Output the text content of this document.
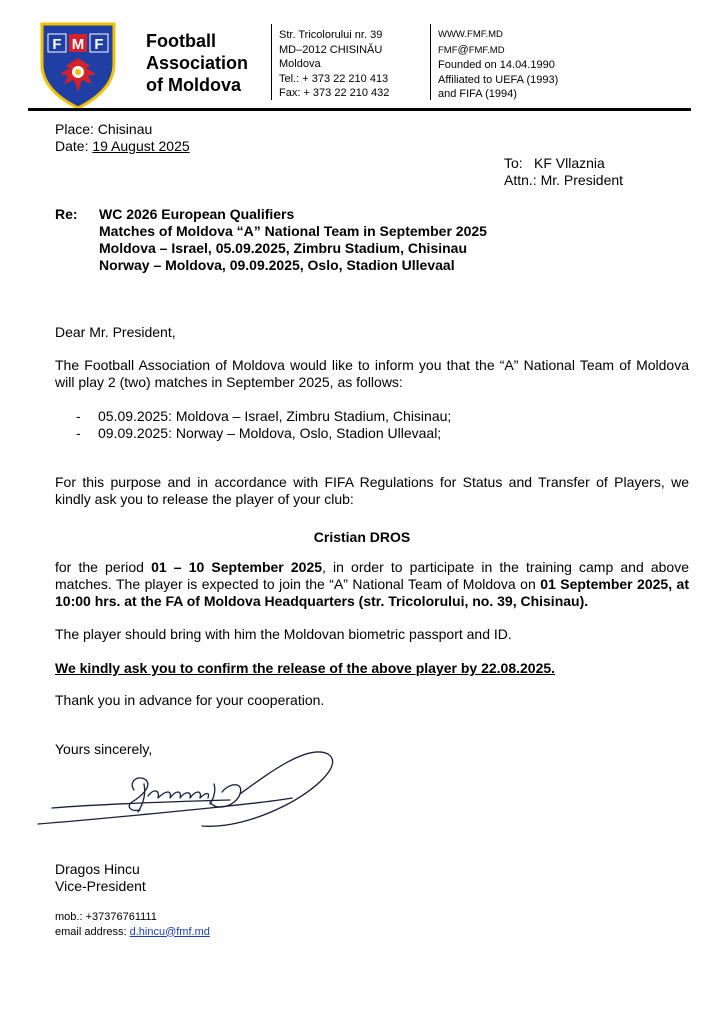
F M F Football
Association
of Moldova
Str. Tricolorului nr. 39
MD–2012 CHISINĂU
Moldova
Tel.: + 373 22 210 413
Fax: + 373 22 210 432
WWW.FMF.MD
FMF@FMF.MD
Founded on 14.04.1990
Affiliated to UEFA (1993)
and FIFA (1994)
Place: Chisinau
Date: 19 August 2025
To: KF Vllaznia
Attn.: Mr. President
Re: WC 2026 European Qualifiers
Matches of Moldova “A” National Team in September 2025
Moldova – Israel, 05.09.2025, Zimbru Stadium, Chisinau
Norway – Moldova, 09.09.2025, Oslo, Stadion Ullevaal
Dear Mr. President,
The Football Association of Moldova would like to inform you that the “A” National Team of Moldova will play 2 (two) matches in September 2025, as follows:
-	05.09.2025: Moldova – Israel, Zimbru Stadium, Chisinau;
-	09.09.2025: Norway – Moldova, Oslo, Stadion Ullevaal;
For this purpose and in accordance with FIFA Regulations for Status and Transfer of Players, we kindly ask you to release the player of your club:
Cristian DROS
for the period 01 – 10 September 2025, in order to participate in the training camp and above matches. The player is expected to join the “A” National Team of Moldova on 01 September 2025, at 10:00 hrs. at the FA of Moldova Headquarters (str. Tricolorului, no. 39, Chisinau).
The player should bring with him the Moldovan biometric passport and ID.
We kindly ask you to confirm the release of the above player by 22.08.2025.
Thank you in advance for your cooperation.
Yours sincerely,
Dragos Hincu
Vice-President
mob.: +37376761111
email address: d.hincu@fmf.md
